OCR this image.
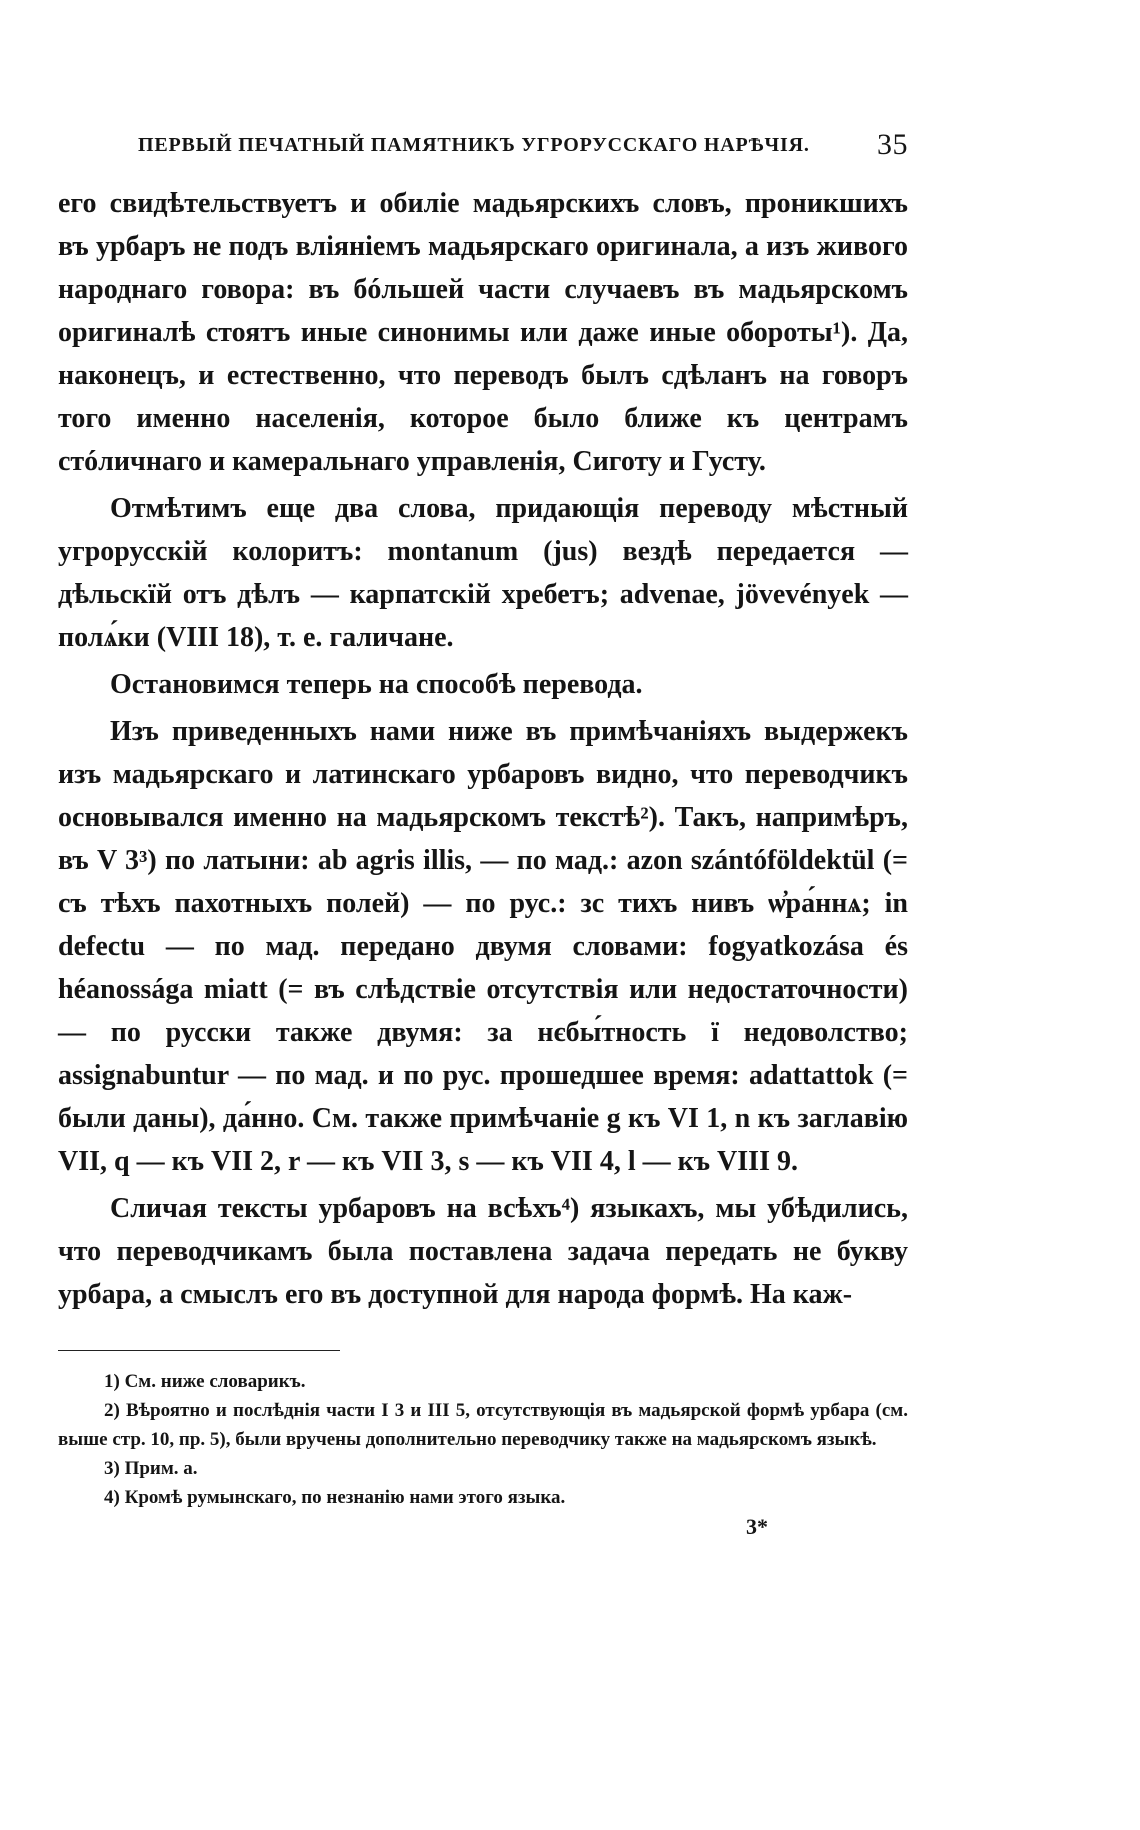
ПЕРВЫЙ ПЕЧАТНЫЙ ПАМЯТНИКЪ УГРОРУССКАГО НАРѢЧІЯ. 35

его свидѣтельствуетъ и обиліе мадьярскихъ словъ, проникшихъ въ урбаръ не подъ вліяніемъ мадьярскаго оригинала, а изъ живого народнаго говора: въ бóльшей части случаевъ въ мадьярскомъ оригиналѣ стоятъ иные синонимы или даже иные обороты¹). Да, наконецъ, и естественно, что переводъ былъ сдѣланъ на говоръ того именно населенія, которое было ближе къ центрамъ стóличнаго и камеральнаго управленія, Сиготу и Густу.

Отмѣтимъ еще два слова, придающія переводу мѣстный угрорусскій колоритъ: montanum (jus) вездѣ передается — дѣльскїй отъ дѣлъ — карпатскій хребетъ; advenae, jövevények — полѧ́ки (VIII 18), т. е. галичане.

Остановимся теперь на способѣ перевода.

Изъ приведенныхъ нами ниже въ примѣчаніяхъ выдержекъ изъ мадьярскаго и латинскаго урбаровъ видно, что переводчикъ основывался именно на мадьярскомъ текстѣ²). Такъ, напримѣръ, въ V 3³) по латыни: ab agris illis, — по мад.: azon szántóföldektül (= съ тѣхъ пахотныхъ полей) — по рус.: зс тихъ нивъ ѡ҆ра́ннѧ; in defectu — по мад. передано двумя словами: fogyatkozása és héanossága miatt (= въ слѣдствіе отсутствія или недостаточности) — по русски также двумя: за нєбы́тность ї недоволство; assignabuntur — по мад. и по рус. прошедшее время: adattattok (= были даны), да́нно. См. также примѣчаніе g къ VI 1, n къ заглавію VII, q — къ VII 2, r — къ VII 3, s — къ VII 4, l — къ VIII 9.

Сличая тексты урбаровъ на всѣхъ⁴) языкахъ, мы убѣдились, что переводчикамъ была поставлена задача передать не букву урбара, а смыслъ его въ доступной для народа формѣ. На каж-

1) См. ниже словарикъ.

2) Вѣроятно и послѣднія части I 3 и III 5, отсутствующія въ мадьярской формѣ урбара (см. выше стр. 10, пр. 5), были вручены дополнительно переводчику также на мадьярскомъ языкѣ.

3) Прим. a.

4) Кромѣ румынскаго, по незнанію нами этого языка.

3*
